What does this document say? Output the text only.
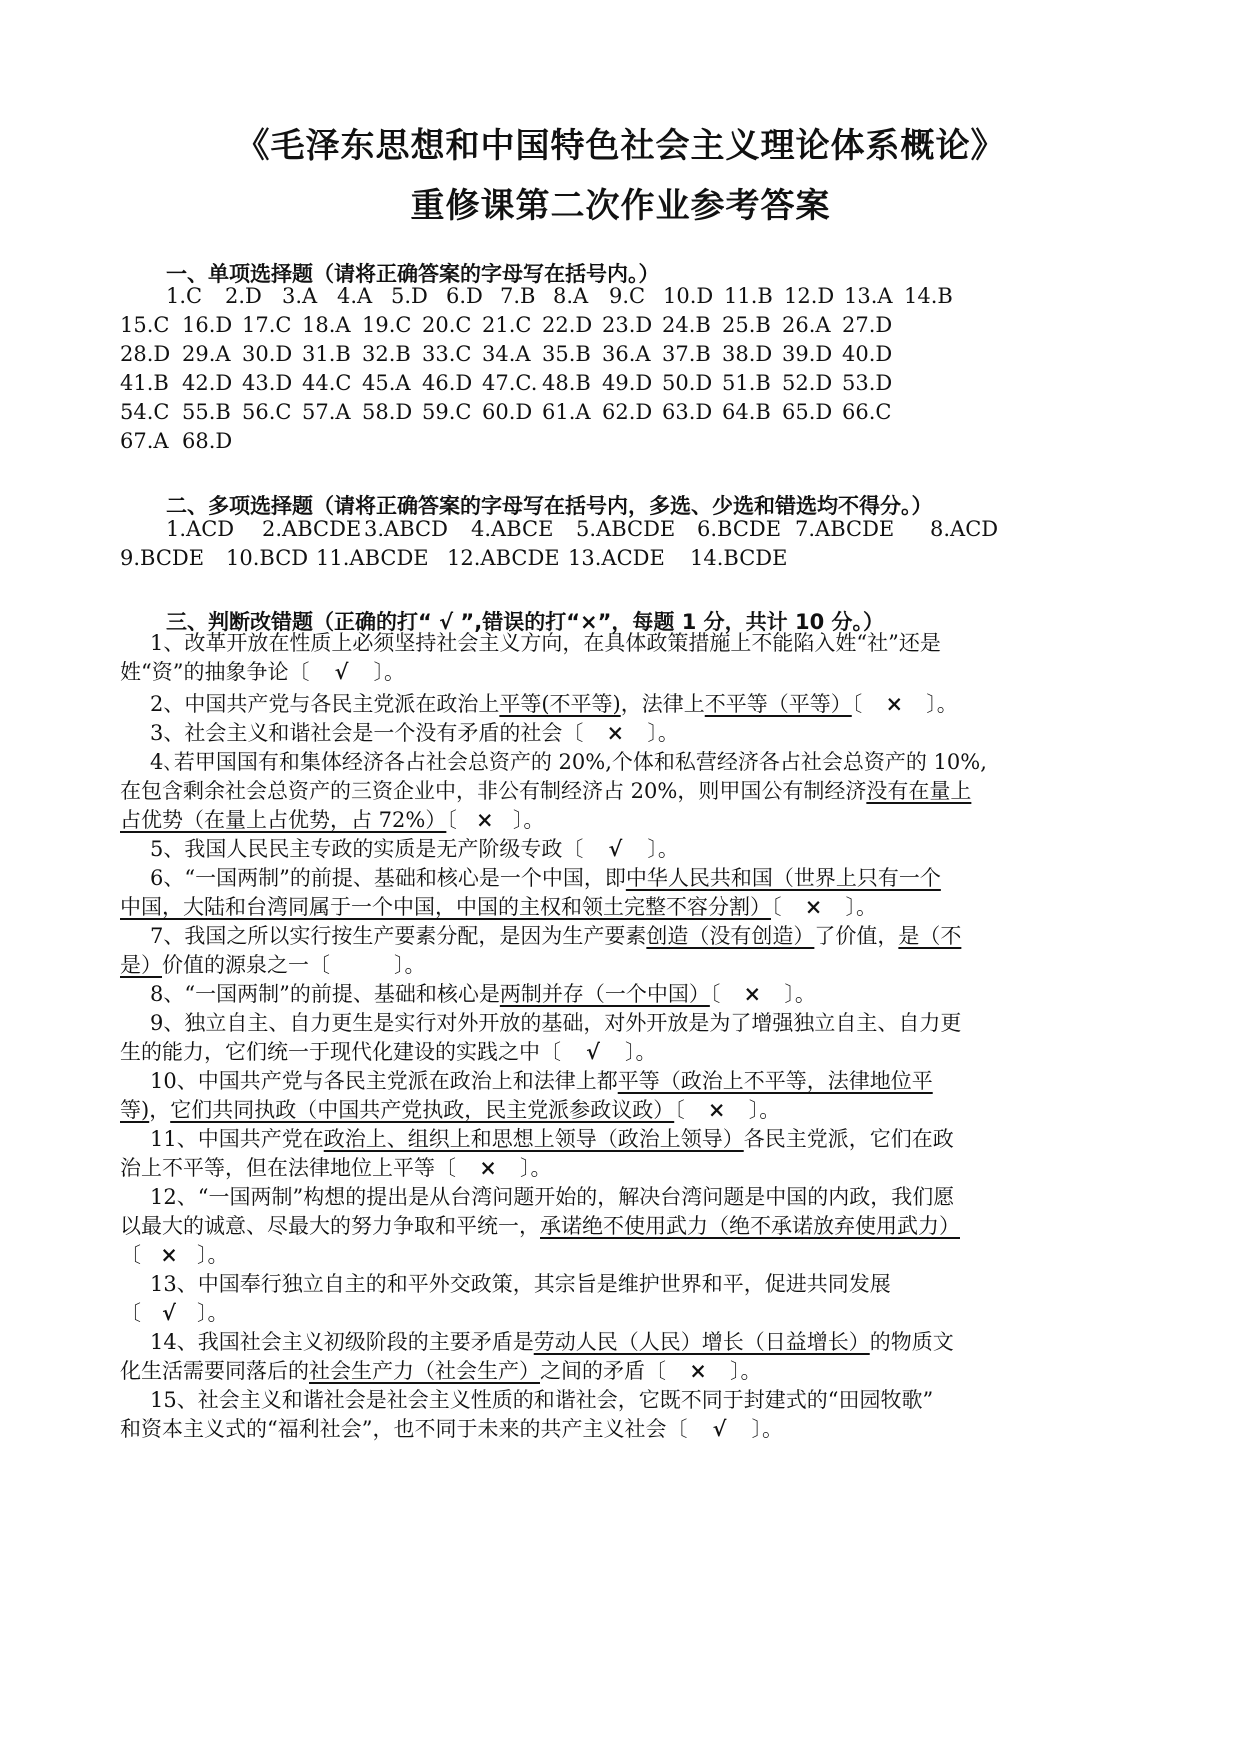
《毛泽东思想和中国特色社会主义理论体系概论》
重修课第二次作业参考答案
一、单项选择题（请将正确答案的字母写在括号内。）
1.C 2.D 3.A 4.A 5.D 6.D 7.B 8.A 9.C 10.D 11.B 12.D 13.A 14.B
15.C 16.D 17.C 18.A 19.C 20.C 21.C 22.D 23.D 24.B 25.B 26.A 27.D
28.D 29.A 30.D 31.B 32.B 33.C 34.A 35.B 36.A 37.B 38.D 39.D 40.D
41.B 42.D 43.D 44.C 45.A 46.D 47.C. 48.B 49.D 50.D 51.B 52.D 53.D
54.C 55.B 56.C 57.A 58.D 59.C 60.D 61.A 62.D 63.D 64.B 65.D 66.C
67.A 68.D
二、多项选择题（请将正确答案的字母写在括号内，多选、少选和错选均不得分。）
1.ACD 2.ABCDE 3.ABCD 4.ABCE 5.ABCDE 6.BCDE 7.ABCDE 8.ACD
9.BCDE 10.BCD 11.ABCDE 12.ABCDE 13.ACDE 14.BCDE
三、判断改错题（正确的打“ √ ”,错误的打“×”，每题 1 分，共计 10 分。）
1、改革开放在性质上必须坚持社会主义方向，在具体政策措施上不能陷入姓“社”还是
姓“资”的抽象争论〔 √ 〕。
2、中国共产党与各民主党派在政治上平等(不平等)，法律上不平等（平等）〔 × 〕。
3、社会主义和谐社会是一个没有矛盾的社会〔 × 〕。
4､若甲国国有和集体经济各占社会总资产的 20%,个体和私营经济各占社会总资产的 10%,
在包含剩余社会总资产的三资企业中，非公有制经济占 20%，则甲国公有制经济没有在量上
占优势（在量上占优势，占 72%）〔 × 〕。
5、我国人民民主专政的实质是无产阶级专政〔 √ 〕。
6、“一国两制”的前提、基础和核心是一个中国，即中华人民共和国（世界上只有一个
中国，大陆和台湾同属于一个中国，中国的主权和领土完整不容分割）〔 × 〕。
7、我国之所以实行按生产要素分配，是因为生产要素创造（没有创造）了价值，是（不
是）价值的源泉之一〔	〕。
8、“一国两制”的前提、基础和核心是两制并存（一个中国）〔 × 〕。
9、独立自主、自力更生是实行对外开放的基础，对外开放是为了增强独立自主、自力更
生的能力，它们统一于现代化建设的实践之中〔 √ 〕。
10、中国共产党与各民主党派在政治上和法律上都平等（政治上不平等，法律地位平
等)，它们共同执政（中国共产党执政，民主党派参政议政）〔 × 〕。
11、中国共产党在政治上、组织上和思想上领导（政治上领导）各民主党派，它们在政
治上不平等，但在法律地位上平等〔 × 〕。
12、“一国两制”构想的提出是从台湾问题开始的，解决台湾问题是中国的内政，我们愿
以最大的诚意、尽最大的努力争取和平统一，承诺绝不使用武力（绝不承诺放弃使用武力）
〔 × 〕。
13、中国奉行独立自主的和平外交政策，其宗旨是维护世界和平，促进共同发展
〔 √ 〕。
14、我国社会主义初级阶段的主要矛盾是劳动人民（人民）增长（日益增长）的物质文
化生活需要同落后的社会生产力（社会生产）之间的矛盾〔 × 〕。
15、社会主义和谐社会是社会主义性质的和谐社会，它既不同于封建式的“田园牧歌”
和资本主义式的“福利社会”，也不同于未来的共产主义社会〔 √ 〕。
